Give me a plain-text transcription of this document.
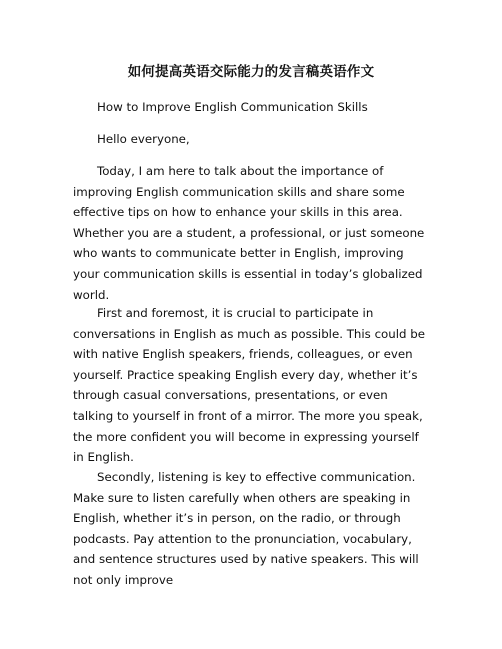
如何提高英语交际能力的发言稿英语作文

How to Improve English Communication Skills

Hello everyone,

Today, I am here to talk about the importance of improving English communication skills and share some effective tips on how to enhance your skills in this area. Whether you are a student, a professional, or just someone who wants to communicate better in English, improving your communication skills is essential in today’s globalized world.

First and foremost, it is crucial to participate in conversations in English as much as possible. This could be with native English speakers, friends, colleagues, or even yourself. Practice speaking English every day, whether it’s through casual conversations, presentations, or even talking to yourself in front of a mirror. The more you speak, the more confident you will become in expressing yourself in English.

Secondly, listening is key to effective communication. Make sure to listen carefully when others are speaking in English, whether it’s in person, on the radio, or through podcasts. Pay attention to the pronunciation, vocabulary, and sentence structures used by native speakers. This will not only improve
